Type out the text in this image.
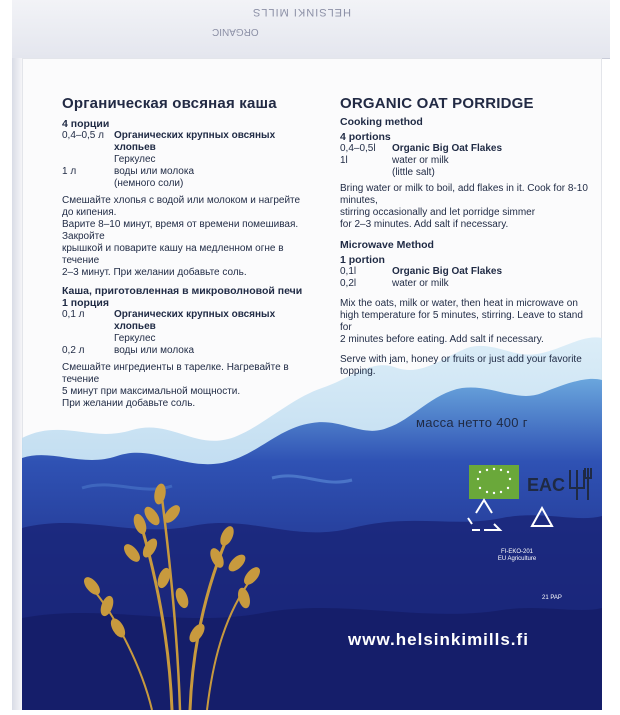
HELSINKI MILLS
ORGANIC
EAC
Органическая овсяная каша
4 порции
0,4–0,5 л	Органических крупных овсяных хлопьев
Геркулес
1 л	воды или молока
(немного соли)

Смешайте хлопья с водой или молоком и нагрейте до кипения.

Варите 8–10 минут, время от времени помешивая. Закройте

крышкой и поварите кашу на медленном огне в течение

2–3 минут. При желании добавьте соль.

Каша, приготовленная в микроволновой печи
1 порция
0,1 л	Органических крупных овсяных хлопьев
Геркулес
0,2 л	воды или молока

Смешайте ингредиенты в тарелке. Нагревайте в течение

5 минут при максимальной мощности.

При желании добавьте соль.

ORGANIC OAT PORRIDGE
Cooking method
4 portions
0,4–0,5l	Organic Big Oat Flakes
1l	water or milk
(little salt)

Bring water or milk to boil, add flakes in it. Cook for 8-10 minutes,

stirring occasionally and let porridge simmer

for 2–3 minutes. Add salt if necessary.

Microwave Method
1 portion
0,1l	Organic Big Oat Flakes
0,2l	water or milk

Mix the oats, milk or water, then heat in microwave on

high temperature for 5 minutes, stirring. Leave to stand for

2 minutes before eating. Add salt if necessary.

Serve with jam, honey or fruits or just add your favorite topping.

масса нетто 400 г
FI-EKO-201
EU Agriculture
21 PAP
www.helsinkimills.fi
